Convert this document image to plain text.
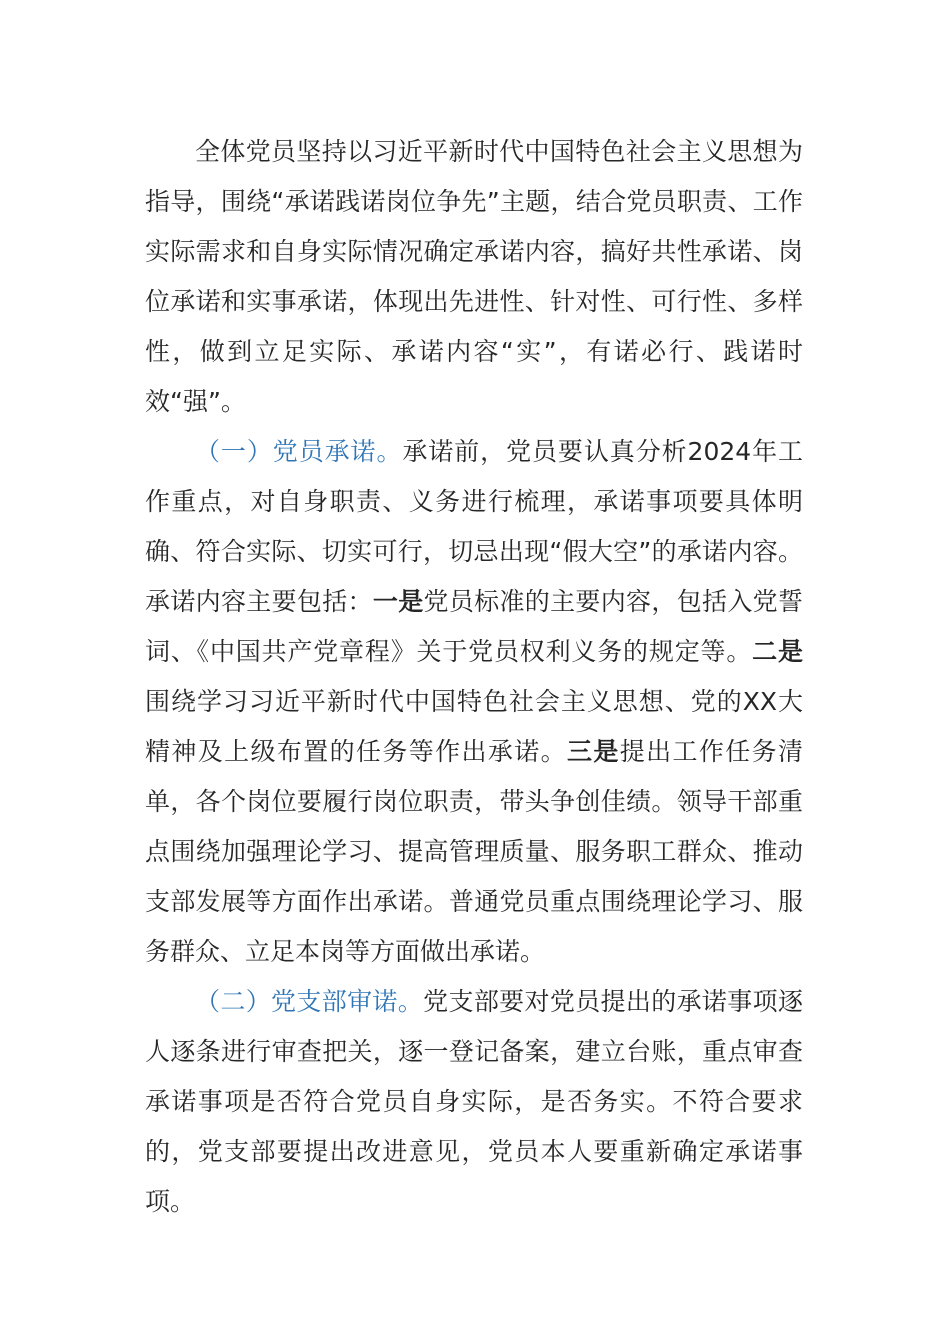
全体党员坚持以习近平新时代中国特色社会主义思想为指导，围绕“承诺践诺岗位争先”主题，结合党员职责、工作实际需求和自身实际情况确定承诺内容，搞好共性承诺、岗位承诺和实事承诺，体现出先进性、针对性、可行性、多样性，做到立足实际、承诺内容“实”，有诺必行、践诺时效“强”。

（一）党员承诺。承诺前，党员要认真分析2024年工作重点，对自身职责、义务进行梳理，承诺事项要具体明确、符合实际、切实可行，切忌出现“假大空”的承诺内容。承诺内容主要包括：一是党员标准的主要内容，包括入党誓词、《中国共产党章程》关于党员权利义务的规定等。二是围绕学习习近平新时代中国特色社会主义思想、党的XX大精神及上级布置的任务等作出承诺。三是提出工作任务清单，各个岗位要履行岗位职责，带头争创佳绩。领导干部重点围绕加强理论学习、提高管理质量、服务职工群众、推动支部发展等方面作出承诺。普通党员重点围绕理论学习、服务群众、立足本岗等方面做出承诺。

（二）党支部审诺。党支部要对党员提出的承诺事项逐人逐条进行审查把关，逐一登记备案，建立台账，重点审查承诺事项是否符合党员自身实际，是否务实。不符合要求的，党支部要提出改进意见，党员本人要重新确定承诺事项。
